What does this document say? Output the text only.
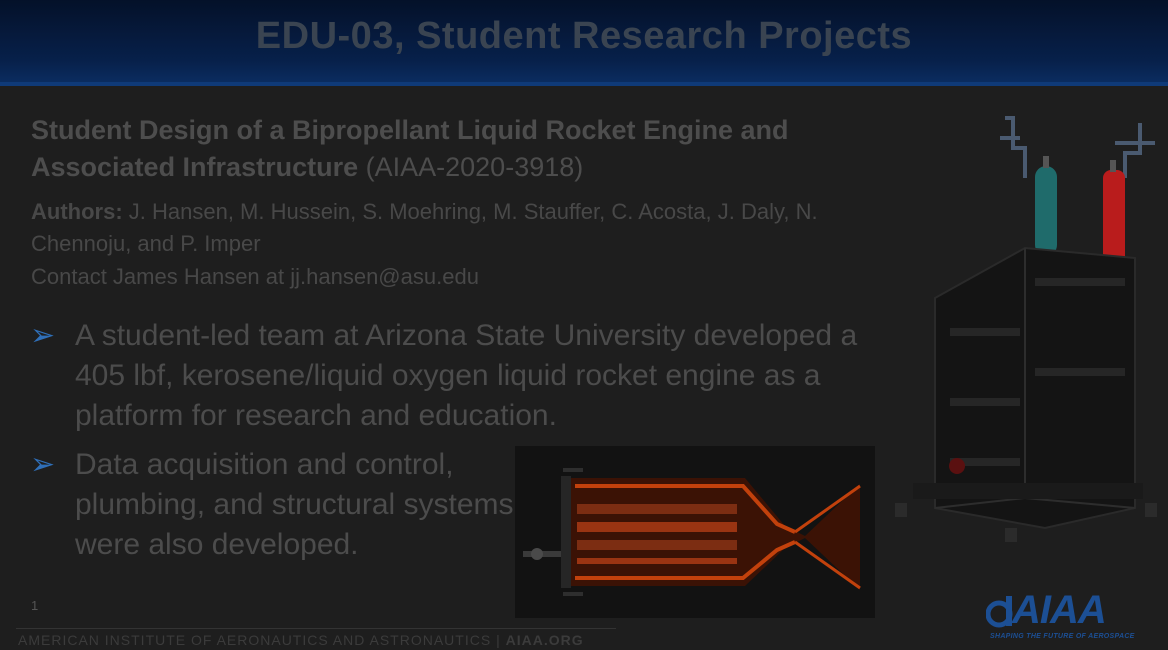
EDU-03, Student Research Projects
Student Design of a Bipropellant Liquid Rocket Engine and Associated Infrastructure (AIAA-2020-3918)
Authors: J. Hansen, M. Hussein, S. Moehring, M. Stauffer, C. Acosta, J. Daly, N. Chennoju, and P. Imper
Contact James Hansen at jj.hansen@asu.edu
➢ A student-led team at Arizona State University developed a 405 lbf, kerosene/liquid oxygen liquid rocket engine as a platform for research and education.
➢ Data acquisition and control, plumbing, and structural systems were also developed.
1
AMERICAN INSTITUTE OF AERONAUTICS AND ASTRONAUTICS | AIAA.ORG
AIAA
SHAPING THE FUTURE OF AEROSPACE
